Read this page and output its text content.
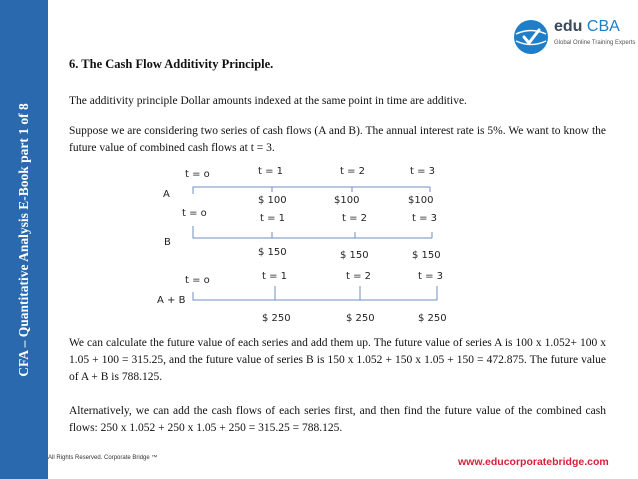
CFA – Quantitative Analysis E-Book part 1 of 8
edu CBA
Global Online Training Experts
6. The Cash Flow Additivity Principle.
The additivity principle Dollar amounts indexed at the same point in time are additive.
Suppose we are considering two series of cash flows (A and B). The annual interest rate is 5%. We want to know the future value of combined cash flows at t = 3.
t = o	t = 1	t = 2	t = 3
A
$ 100	$100	$100
t = o	t = 1	t = 2	t = 3
B
$ 150	$ 150	$ 150
t = o	t = 1	t = 2	t = 3
A + B
$ 250	$ 250	$ 250
We can calculate the future value of each series and add them up. The future value of series A is 100 x 1.052+ 100 x 1.05 + 100 = 315.25, and the future value of series B is 150 x 1.052 + 150 x 1.05 + 150 = 472.875. The future value of A + B is 788.125.
Alternatively, we can add the cash flows of each series first, and then find the future value of the combined cash flows: 250 x 1.052 + 250 x 1.05 + 250 = 315.25 = 788.125.
All Rights Reserved. Corporate Bridge ™	www.educorporatebridge.com
